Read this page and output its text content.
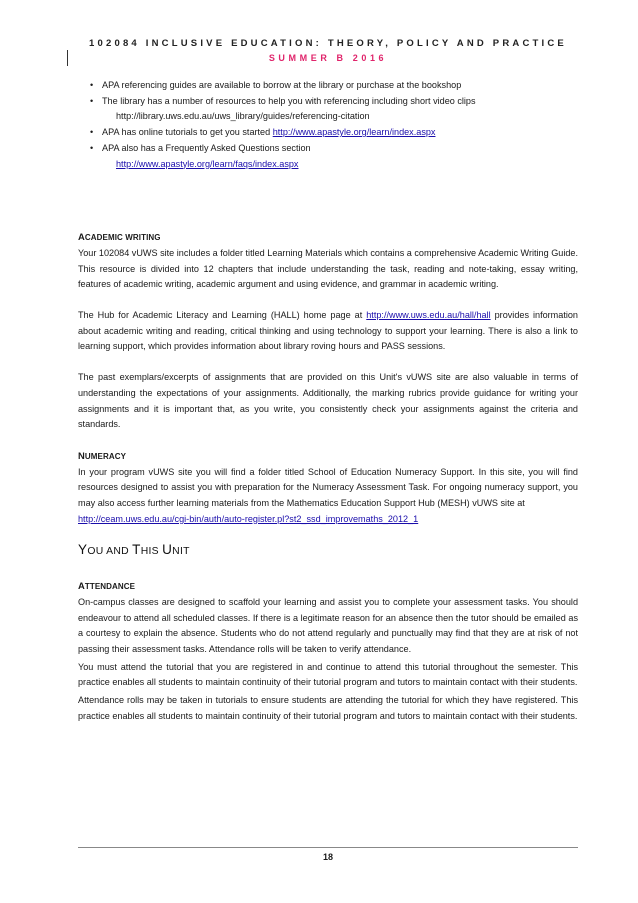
102084 INCLUSIVE EDUCATION: THEORY, POLICY AND PRACTICE
SUMMER B 2016
• APA referencing guides are available to borrow at the library or purchase at the bookshop
• The library has a number of resources to help you with referencing including short video clips
http://library.uws.edu.au/uws_library/guides/referencing-citation
• APA has online tutorials to get you started http://www.apastyle.org/learn/index.aspx
• APA also has a Frequently Asked Questions section
http://www.apastyle.org/learn/faqs/index.aspx
ACADEMIC WRITING

Your 102084 vUWS site includes a folder titled Learning Materials which contains a comprehensive Academic Writing Guide. This resource is divided into 12 chapters that include understanding the task, reading and note-taking, essay writing, features of academic writing, academic argument and using evidence, and grammar in academic writing.

The Hub for Academic Literacy and Learning (HALL) home page at http://www.uws.edu.au/hall/hall provides information about academic writing and reading, critical thinking and using technology to support your learning. There is also a link to learning support, which provides information about library roving hours and PASS sessions.

The past exemplars/excerpts of assignments that are provided on this Unit's vUWS site are also valuable in terms of understanding the expectations of your assignments. Additionally, the marking rubrics provide guidance for writing your assignments and it is important that, as you write, you consistently check your assignments against the criteria and standards.

NUMERACY

In your program vUWS site you will find a folder titled School of Education Numeracy Support. In this site, you will find resources designed to assist you with preparation for the Numeracy Assessment Task. For ongoing numeracy support, you may also access further learning materials from the Mathematics Education Support Hub (MESH) vUWS site at

http://ceam.uws.edu.au/cgi-bin/auth/auto-register.pl?st2_ssd_improvemaths_2012_1
YOU AND THIS UNIT
ATTENDANCE

On-campus classes are designed to scaffold your learning and assist you to complete your assessment tasks. You should endeavour to attend all scheduled classes. If there is a legitimate reason for an absence then the tutor should be emailed as a courtesy to explain the absence. Students who do not attend regularly and punctually may find that they are at risk of not passing their assessment tasks. Attendance rolls will be taken to verify attendance.

You must attend the tutorial that you are registered in and continue to attend this tutorial throughout the semester. This practice enables all students to maintain continuity of their tutorial program and tutors to maintain contact with their students.

Attendance rolls may be taken in tutorials to ensure students are attending the tutorial for which they have registered. This practice enables all students to maintain continuity of their tutorial program and tutors to maintain contact with their students.

18
